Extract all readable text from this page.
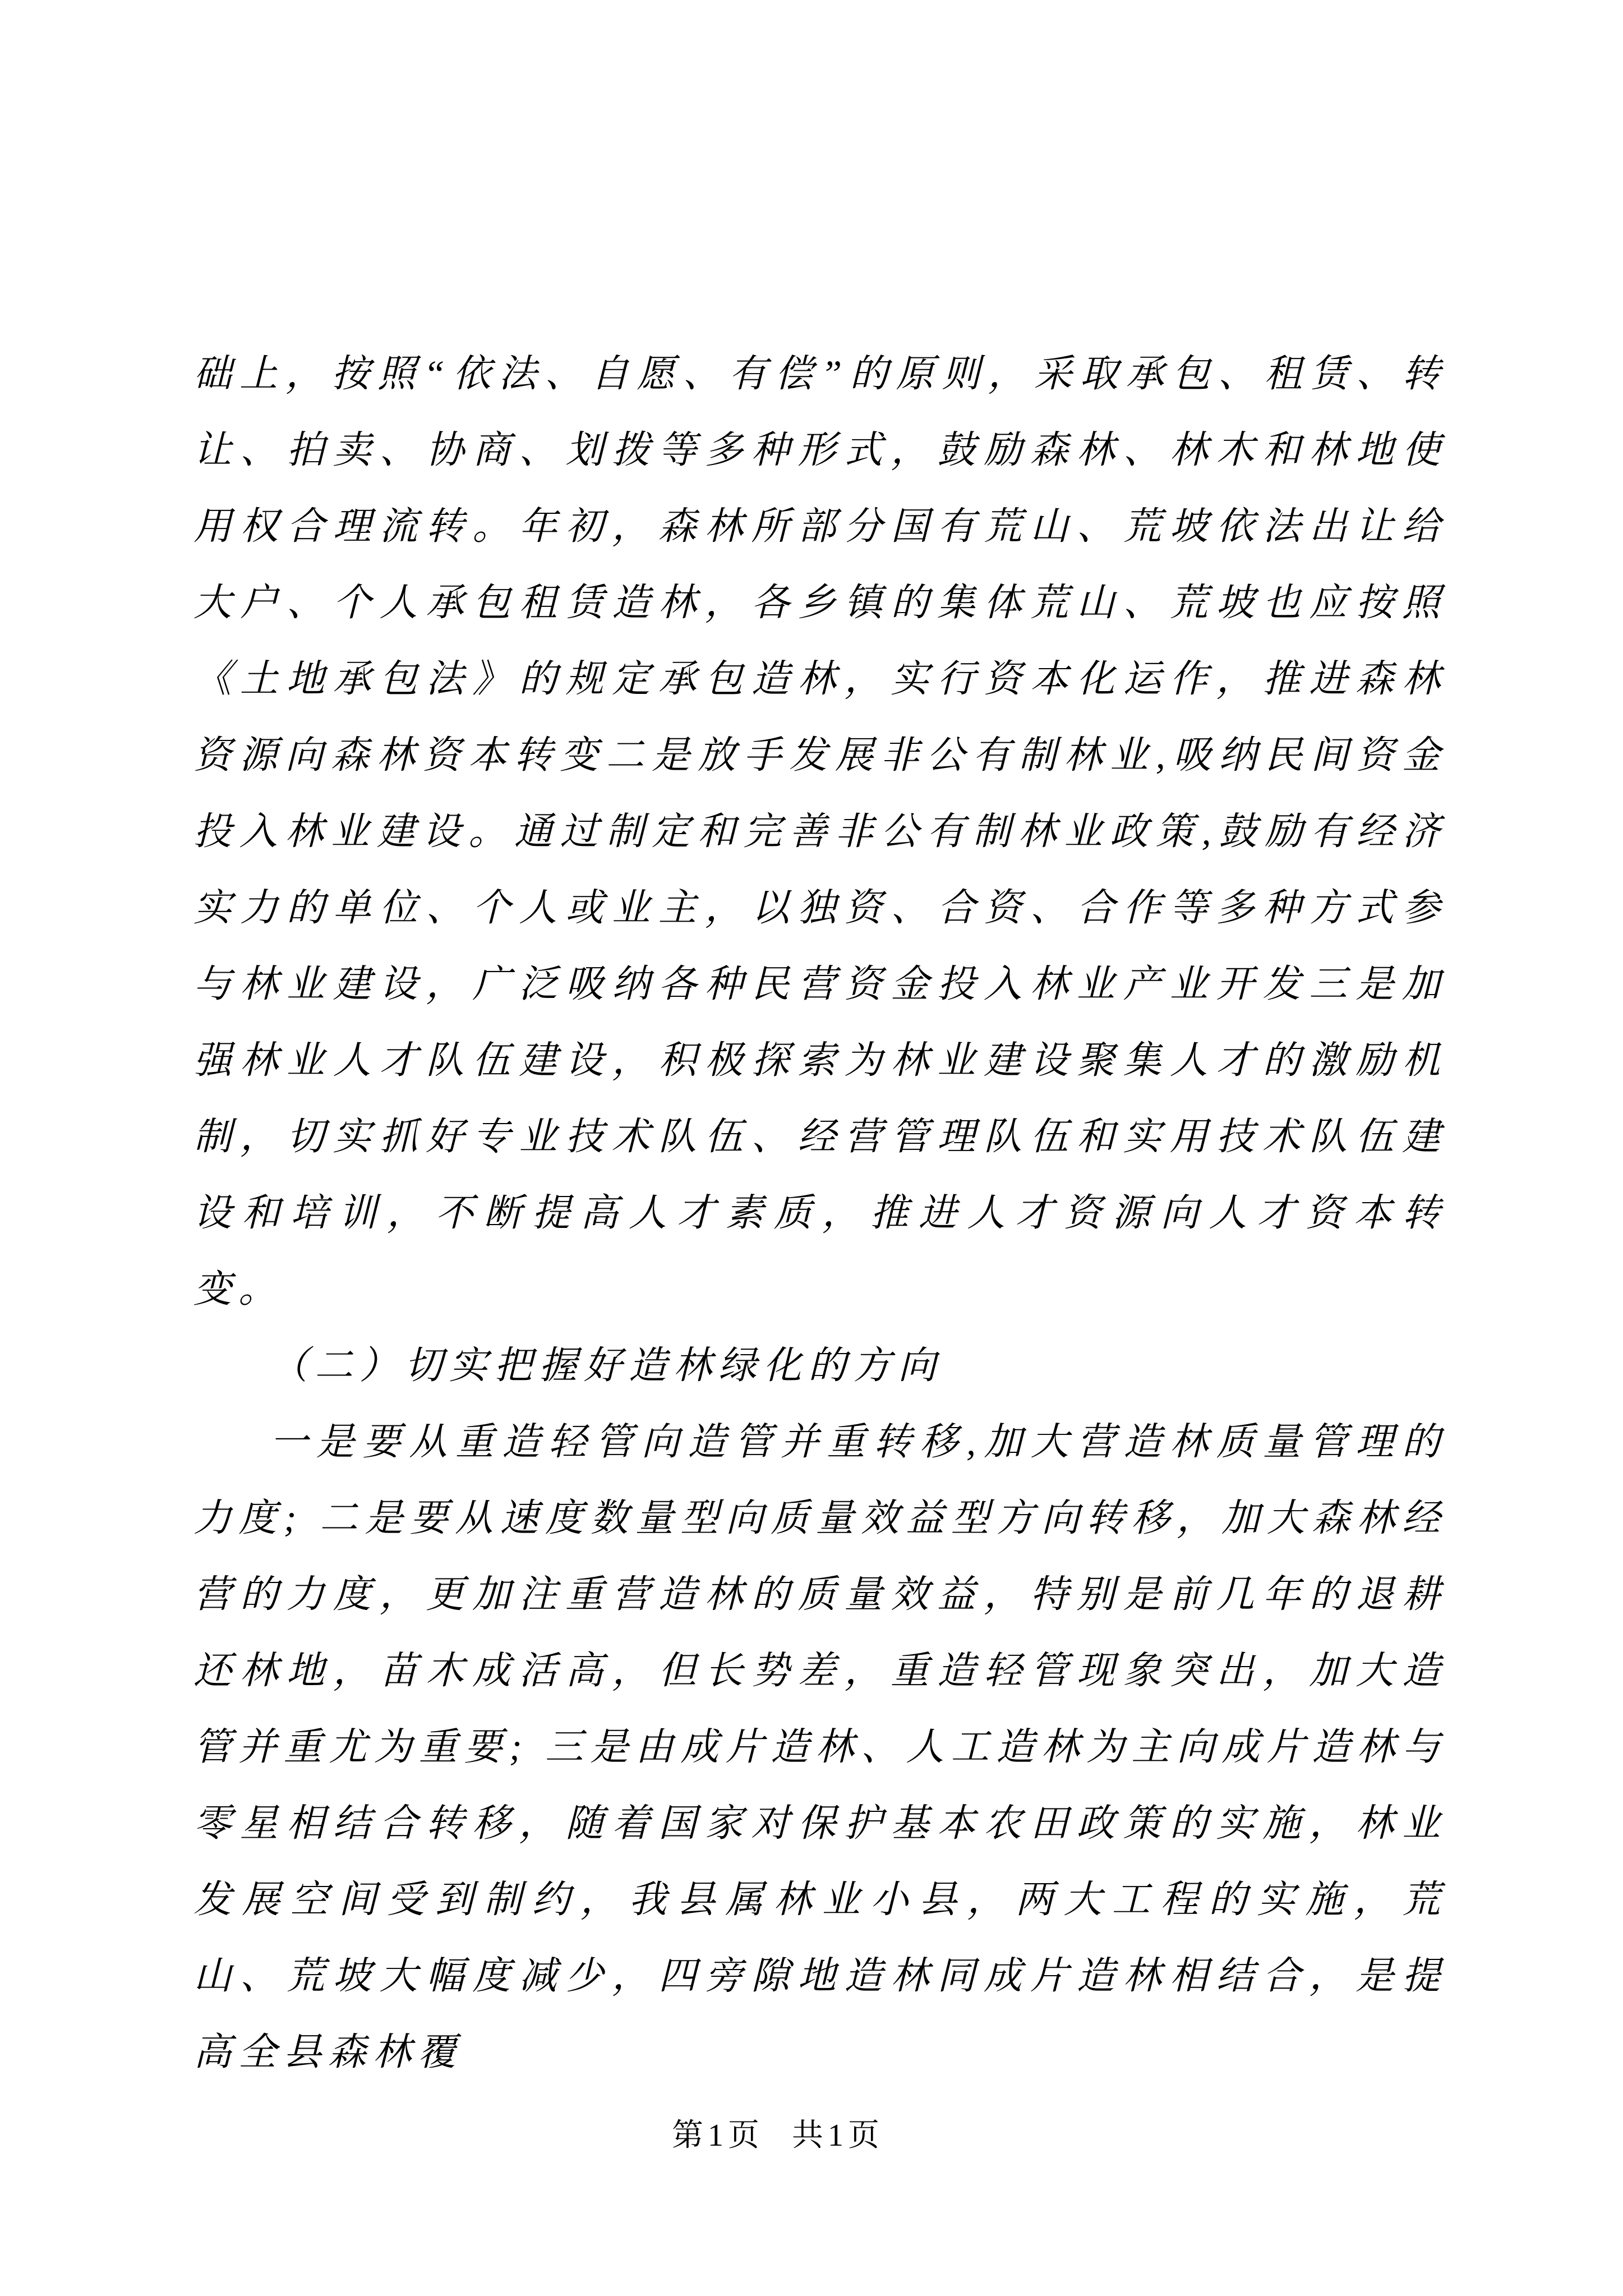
础上，按照“依法、自愿、有偿”的原则，采取承包、租赁、转让、拍卖、协商、划拨等多种形式，鼓励森林、林木和林地使用权合理流转。年初，森林所部分国有荒山、荒坡依法出让给大户、个人承包租赁造林，各乡镇的集体荒山、荒坡也应按照《土地承包法》的规定承包造林，实行资本化运作，推进森林资源向森林资本转变二是放手发展非公有制林业,吸纳民间资金投入林业建设。通过制定和完善非公有制林业政策,鼓励有经济实力的单位、个人或业主，以独资、合资、合作等多种方式参与林业建设，广泛吸纳各种民营资金投入林业产业开发三是加强林业人才队伍建设，积极探索为林业建设聚集人才的激励机制，切实抓好专业技术队伍、经营管理队伍和实用技术队伍建设和培训，不断提高人才素质，推进人才资源向人才资本转变。

（二）切实把握好造林绿化的方向

一是要从重造轻管向造管并重转移,加大营造林质量管理的力度; 二是要从速度数量型向质量效益型方向转移，加大森林经营的力度，更加注重营造林的质量效益，特别是前几年的退耕还林地，苗木成活高，但长势差，重造轻管现象突出，加大造管并重尤为重要; 三是由成片造林、人工造林为主向成片造林与零星相结合转移，随着国家对保护基本农田政策的实施，林业发展空间受到制约，我县属林业小县，两大工程的实施，荒山、荒坡大幅度减少，四旁隙地造林同成片造林相结合，是提高全县森林覆

第1页 共1页
